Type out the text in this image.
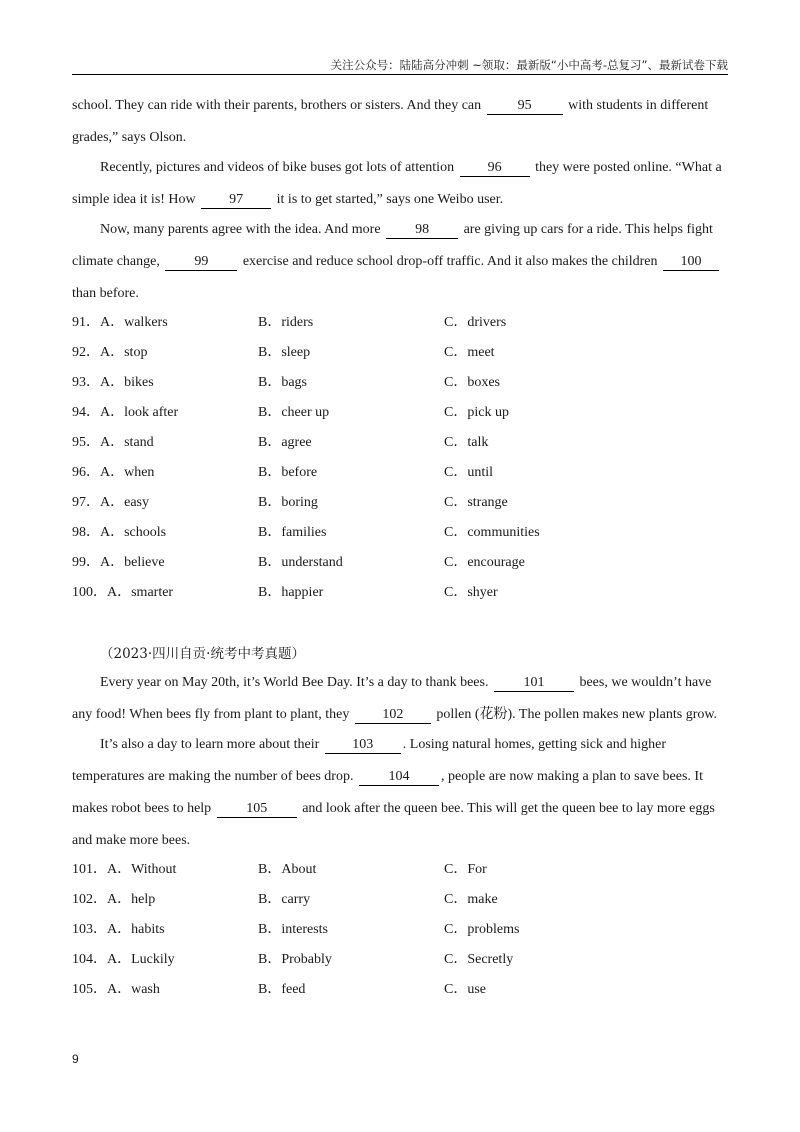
关注公众号：陆陆高分冲刺 ~领取：最新版“小中高考-总复习”、最新试卷下载

school. They can ride with their parents, brothers or sisters. And they can 95 with students in different grades,” says Olson.

Recently, pictures and videos of bike buses got lots of attention 96 they were posted online. “What a simple idea it is! How 97 it is to get started,” says one Weibo user.

Now, many parents agree with the idea. And more 98 are giving up cars for a ride. This helps fight climate change, 99 exercise and reduce school drop-off traffic. And it also makes the children 100 than before.

91．A．walkers	B．riders	C．drivers
92．A．stop	B．sleep	C．meet
93．A．bikes	B．bags	C．boxes
94．A．look after	B．cheer up	C．pick up
95．A．stand	B．agree	C．talk
96．A．when	B．before	C．until
97．A．easy	B．boring	C．strange
98．A．schools	B．families	C．communities
99．A．believe	B．understand	C．encourage
100．A．smarter	B．happier	C．shyer
（2023·四川自贡·统考中考真题）

Every year on May 20th, it’s World Bee Day. It’s a day to thank bees. 101 bees, we wouldn’t have any food! When bees fly from plant to plant, they 102 pollen (花粉). The pollen makes new plants grow.

It’s also a day to learn more about their 103 . Losing natural homes, getting sick and higher temperatures are making the number of bees drop. 104 , people are now making a plan to save bees. It makes robot bees to help 105 and look after the queen bee. This will get the queen bee to lay more eggs and make more bees.

101．A．Without	B．About	C．For
102．A．help	B．carry	C．make
103．A．habits	B．interests	C．problems
104．A．Luckily	B．Probably	C．Secretly
105．A．wash	B．feed	C．use
9
